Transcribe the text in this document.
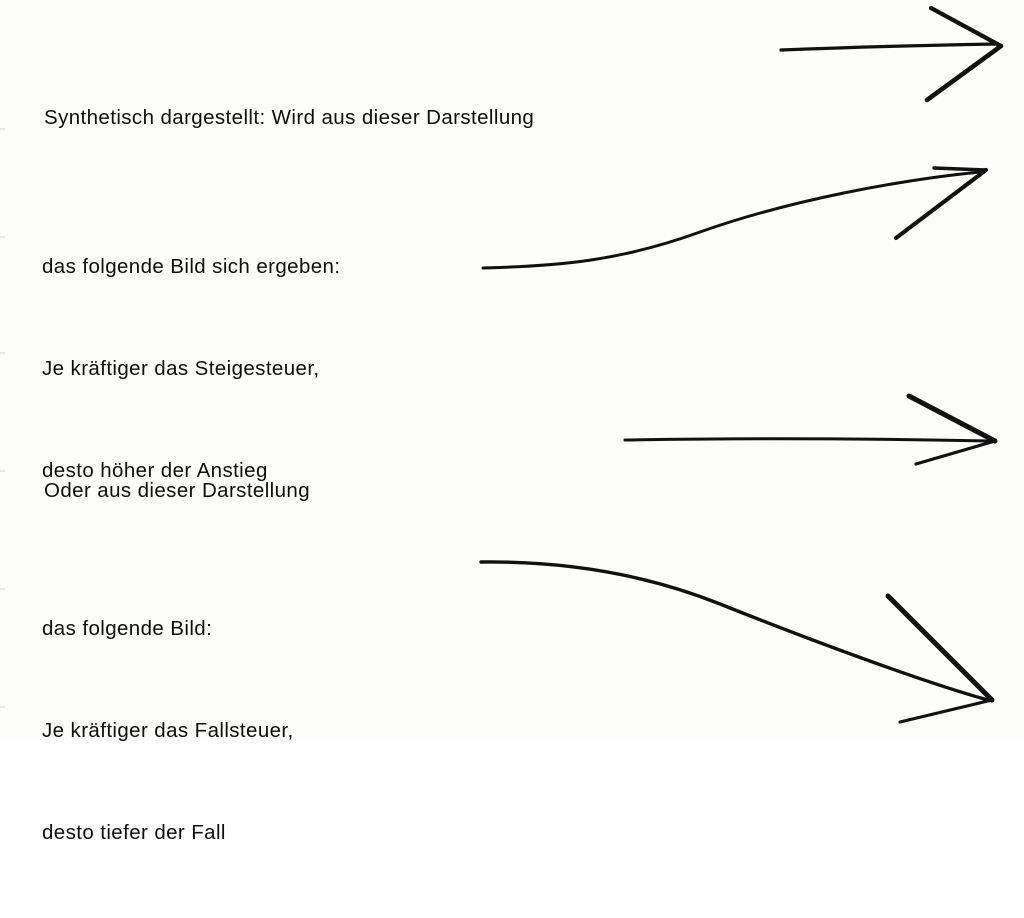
Synthetisch dargestellt: Wird aus dieser Darstellung

das folgende Bild sich ergeben:

Je kräftiger das Steigesteuer,

desto höher der Anstieg

Oder aus dieser Darstellung

das folgende Bild:

Je kräftiger das Fallsteuer,

desto tiefer der Fall
